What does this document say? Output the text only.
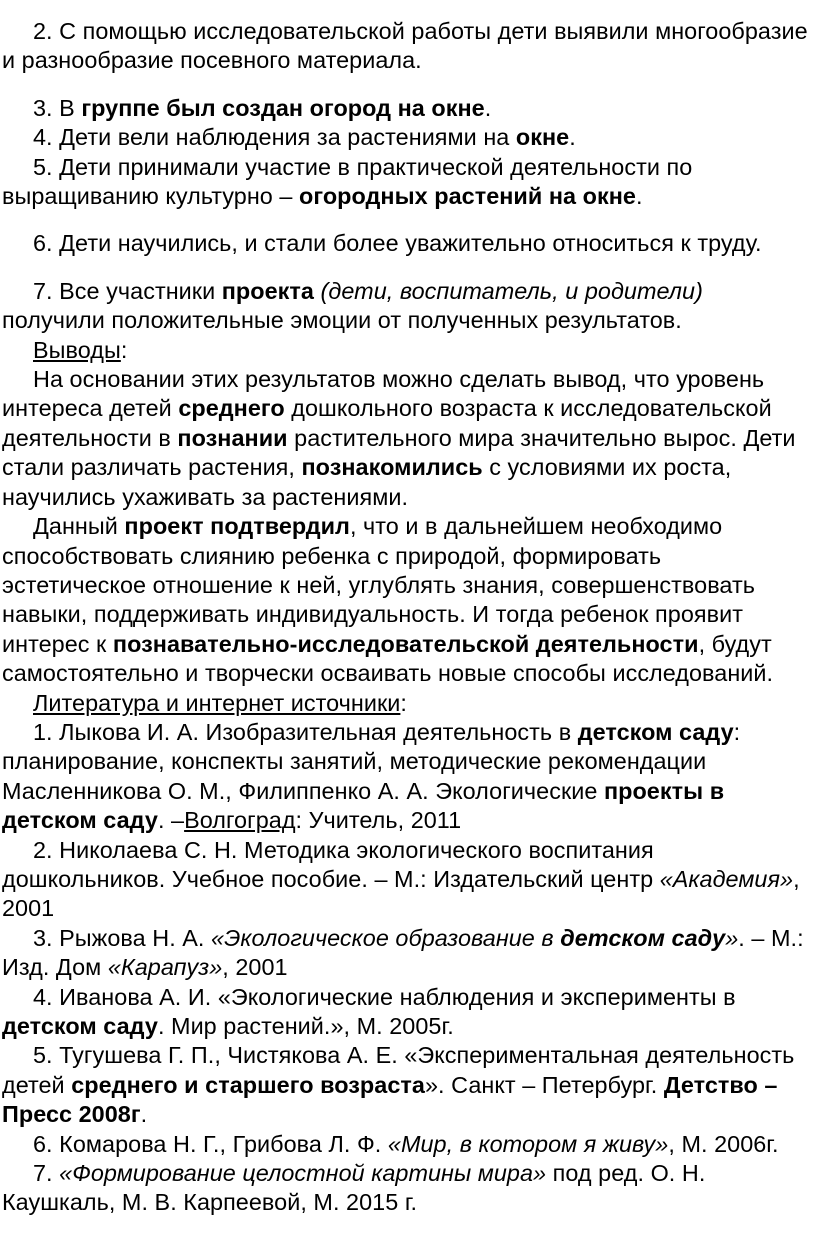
2. С помощью исследовательской работы дети выявили многообразие и разнообразие посевного материала.

3. В группе был создан огород на окне.

4. Дети вели наблюдения за растениями на окне.

5. Дети принимали участие в практической деятельности по выращиванию культурно – огородных растений на окне.

6. Дети научились, и стали более уважительно относиться к труду.

7. Все участники проекта (дети, воспитатель, и родители) получили положительные эмоции от полученных результатов.

Выводы:

На основании этих результатов можно сделать вывод, что уровень интереса детей среднего дошкольного возраста к исследовательской деятельности в познании растительного мира значительно вырос. Дети стали различать растения, познакомились с условиями их роста, научились ухаживать за растениями.

Данный проект подтвердил, что и в дальнейшем необходимо способствовать слиянию ребенка с природой, формировать эстетическое отношение к ней, углублять знания, совершенствовать навыки, поддерживать индивидуальность. И тогда ребенок проявит интерес к познавательно-исследовательской деятельности, будут самостоятельно и творчески осваивать новые способы исследований.

Литература и интернет источники:

1. Лыкова И. А. Изобразительная деятельность в детском саду: планирование, конспекты занятий, методические рекомендации Масленникова О. М., Филиппенко А. А. Экологические проекты в детском саду. –Волгоград: Учитель, 2011

2. Николаева С. Н. Методика экологического воспитания дошкольников. Учебное пособие. – М.: Издательский центр «Академия», 2001

3. Рыжова Н. А. «Экологическое образование в детском саду». – М.: Изд. Дом «Карапуз», 2001

4. Иванова А. И. «Экологические наблюдения и эксперименты в детском саду. Мир растений.», М. 2005г.

5. Тугушева Г. П., Чистякова А. Е. «Экспериментальная деятельность детей среднего и старшего возраста». Санкт – Петербург. Детство – Пресс 2008г.

6. Комарова Н. Г., Грибова Л. Ф. «Мир, в котором я живу», М. 2006г.

7. «Формирование целостной картины мира» под ред. О. Н. Каушкаль, М. В. Карпеевой, М. 2015 г.
